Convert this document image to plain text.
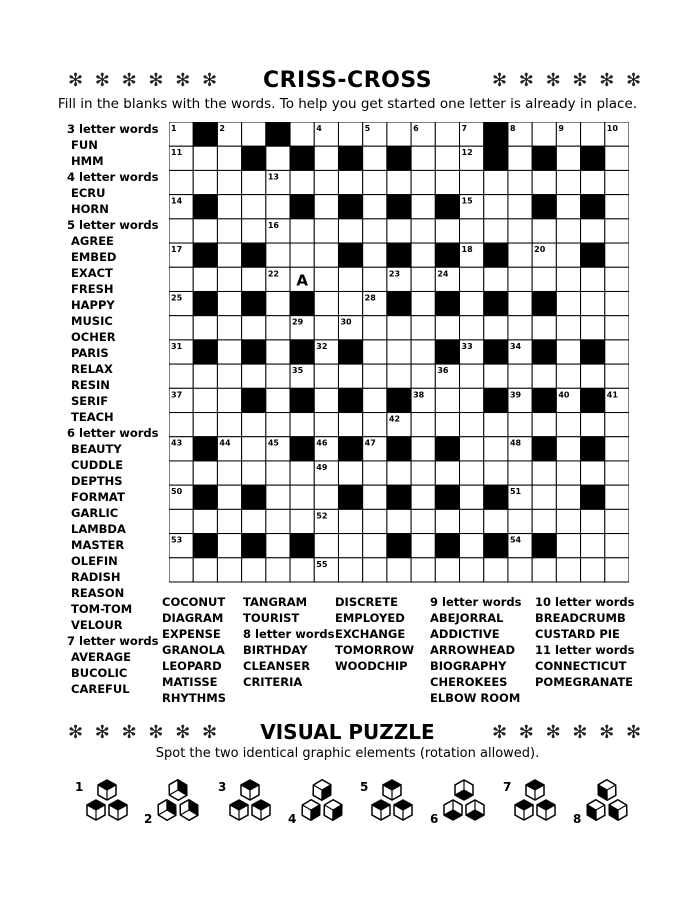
✻ ✻ ✻ ✻ ✻ ✻	✻ ✻ ✻ ✻ ✻ ✻
CRISS-CROSS
Fill in the blanks with the words. To help you get started one letter is already in place.
3 letter words
FUN
HMM
4 letter words
ECRU
HORN
5 letter words
AGREE
EMBED
EXACT
FRESH
HAPPY
MUSIC
OCHER
PARIS
RELAX
RESIN
SERIF
TEACH
6 letter words
BEAUTY
CUDDLE
DEPTHS
FORMAT
GARLIC
LAMBDA
MASTER
OLEFIN
RADISH
REASON
TOM-TOM
VELOUR
7 letter words
AVERAGE
BUCOLIC
CAREFUL
1	2	3	4	5	6	7	8	9	10
11	12
13
14	15
16
17	18 19	20	21
22	23	24
25 26	27	28
29	30
31	32	33	34
35	36
37	38	39	40	41
42
43	44	45	46	47	48
49
50	51
52
53	54
55
A
COCONUT
DIAGRAM
EXPENSE
GRANOLA
LEOPARD
MATISSE
RHYTHMS
TANGRAM
TOURIST
8 letter words
BIRTHDAY
CLEANSER
CRITERIA
DISCRETE
EMPLOYED
EXCHANGE
TOMORROW
WOODCHIP
9 letter words
ABEJORRAL
ADDICTIVE
ARROWHEAD
BIOGRAPHY
CHEROKEES
ELBOW ROOM
10 letter words
BREADCRUMB
CUSTARD PIE
11 letter words
CONNECTICUT
POMEGRANATE
✻ ✻ ✻ ✻ ✻ ✻	✻ ✻ ✻ ✻ ✻ ✻
VISUAL PUZZLE
Spot the two identical graphic elements (rotation allowed).
1
2
3
4
5
6
7
8
